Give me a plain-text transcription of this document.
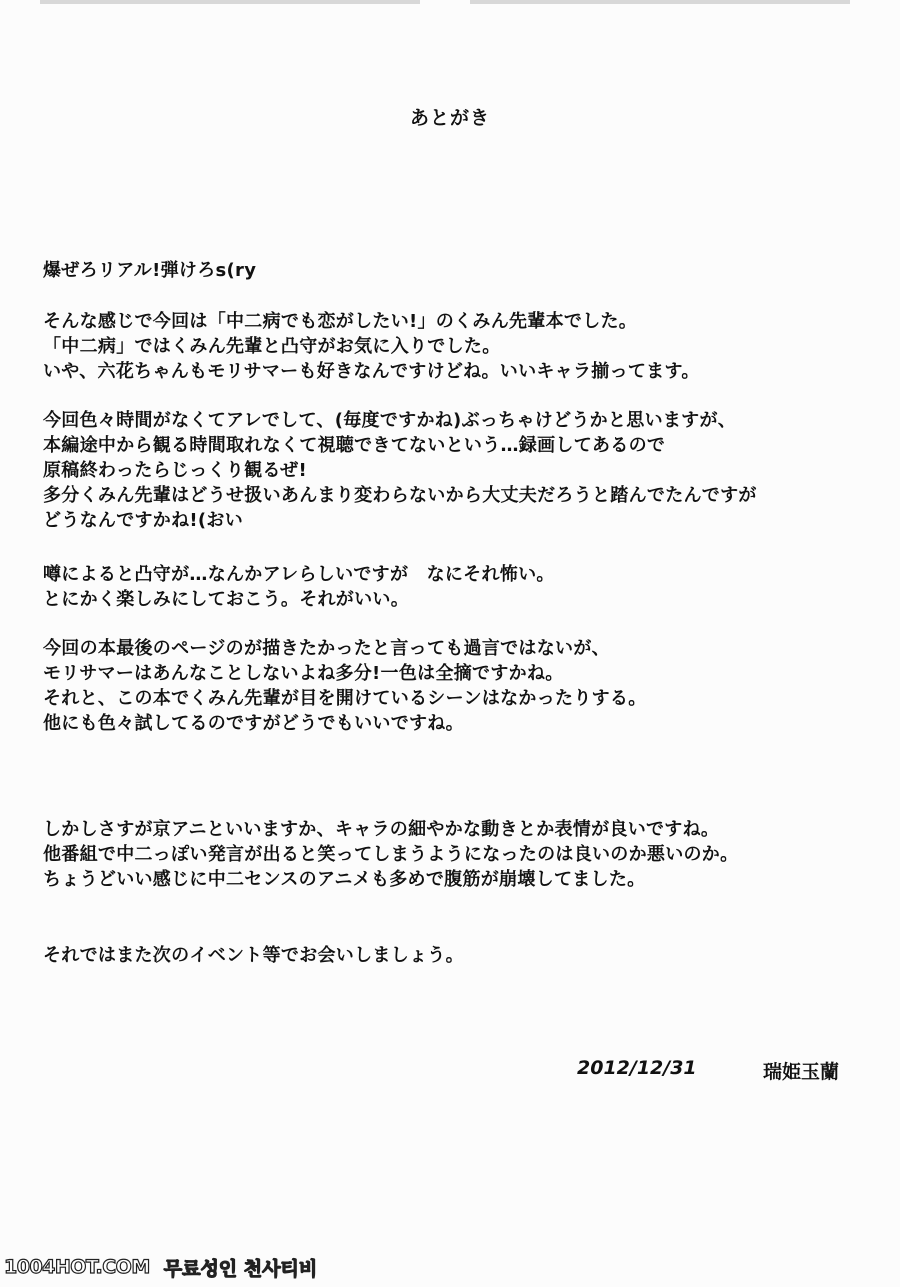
あとがき
爆ぜろリアル!弾けろs(ry
そんな感じで今回は「中二病でも恋がしたい!」のくみん先輩本でした。
「中二病」ではくみん先輩と凸守がお気に入りでした。
いや、六花ちゃんもモリサマーも好きなんですけどね。いいキャラ揃ってます。
今回色々時間がなくてアレでして、(毎度ですかね)ぶっちゃけどうかと思いますが、
本編途中から観る時間取れなくて視聴できてないという…録画してあるので
原稿終わったらじっくり観るぜ!
多分くみん先輩はどうせ扱いあんまり変わらないから大丈夫だろうと踏んでたんですが
どうなんですかね!(おい
噂によると凸守が…なんかアレらしいですが　なにそれ怖い。
とにかく楽しみにしておこう。それがいい。
今回の本最後のページのが描きたかったと言っても過言ではないが、
モリサマーはあんなことしないよね多分!一色は全摘ですかね。
それと、この本でくみん先輩が目を開けているシーンはなかったりする。
他にも色々試してるのですがどうでもいいですね。
しかしさすが京アニといいますか、キャラの細やかな動きとか表情が良いですね。
他番組で中二っぽい発言が出ると笑ってしまうようになったのは良いのか悪いのか。
ちょうどいい感じに中二センスのアニメも多めで腹筋が崩壊してました。
それではまた次のイベント等でお会いしましょう。
2012/12/31	瑞姫玉蘭
1004HOT.COM 무료성인 천사티비
